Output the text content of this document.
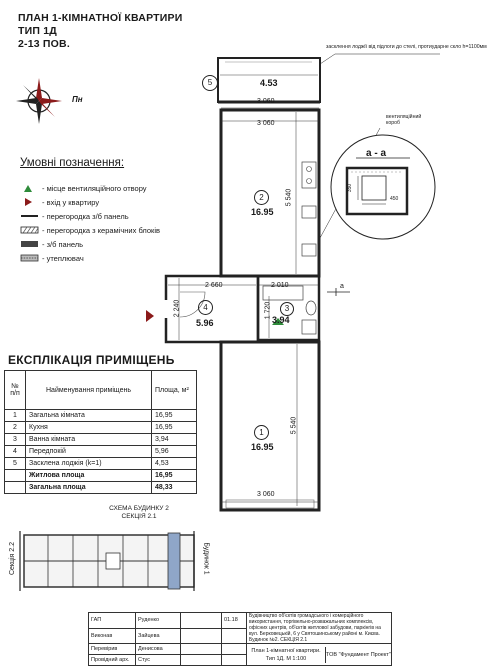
ПЛАН 1-КІМНАТНОЇ КВАРТИРИ
ТИП 1Д
2-13 ПОВ.
Пн
Умовні позначення:
- місце вентиляційного отвору
- вхід у квартиру
- перегородка з/б панель
- перегородка з керамічних блоків
- з/б панель
- утеплювач
засклення лоджії від підлоги до стелі, протиударне скло h=1100мм
5	4.53
3 060
3 060
5 540
2
16.95
2 660	2 010
2 240	1 720
4
5.96
3
3.94
а
5 540
1
16.95
3 060
вентиляційний короб
а - а
350
450
ЕКСПЛІКАЦІЯ ПРИМІЩЕНЬ
№ п/п	Найменування приміщень	Площа, м²
1	Загальна кімната	16,95
2	Кухня	16,95
3	Ванна кімната	3,94
4	Передпокій	5,96
5	Засклена лоджія (k=1)	4,53
	Житлова площа	16,95
	Загальна площа	48,33
СХЕМА БУДИНКУ 2
СЕКЦІЯ 2.1
Секція 2.2	Будинок 1
ГАП	Руденко		01.18	Будівництво об'єктів громадського і комерційного використання, торгівельно-розважальних комплексів, офісних центрів, об'єктів житлової забудови, паркінгів на вул. Берковецькій, 6 у Святошинському районі м. Києва. Будинок №2. СЕКЦІЯ 2.1
Виконав	Зайцева			
Перевірив	Денисова			План 1-кімнатної квартири.
Тип 1Д. М 1:100
ТОВ "Фундамент Проект"

Провідний арх.	Стус			
